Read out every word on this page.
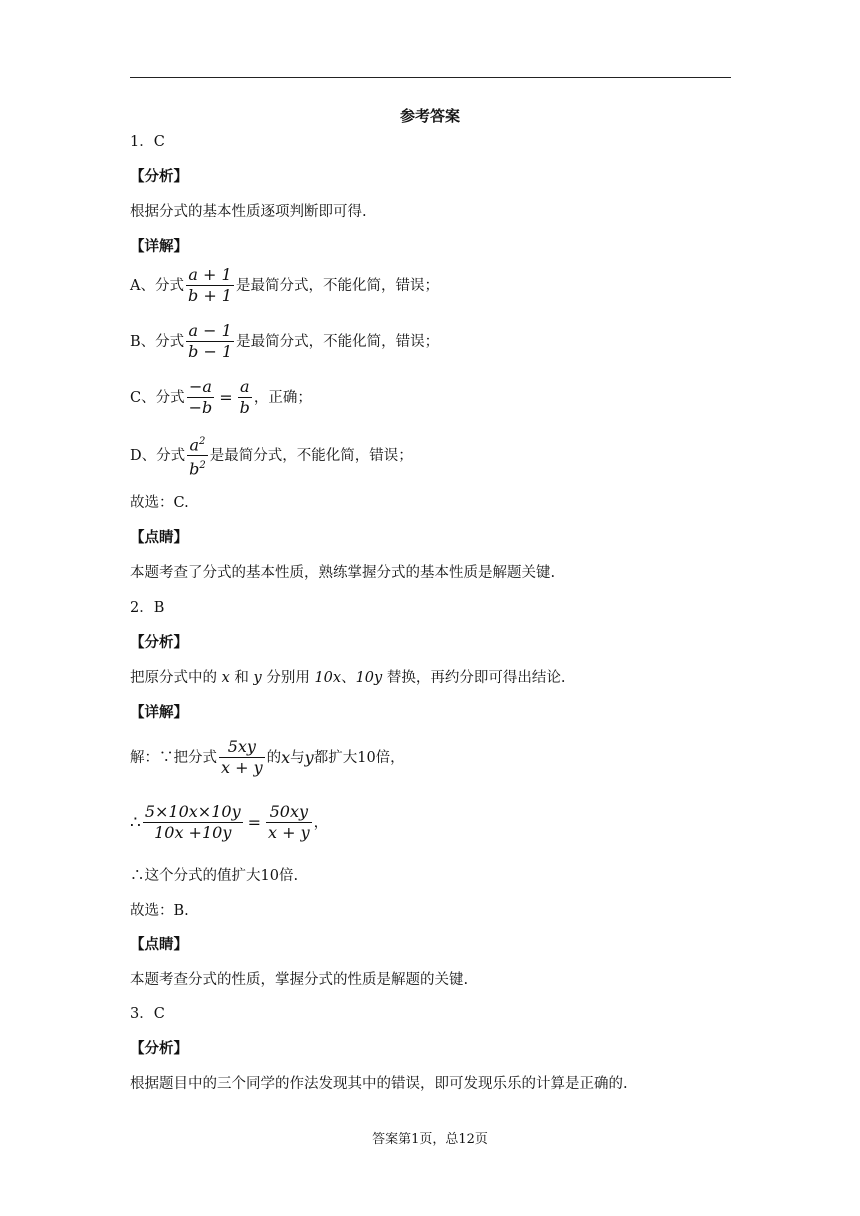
参考答案
1．C
【分析】
根据分式的基本性质逐项判断即可得.
【详解】
A、分式 $\frac{a + 1}{b + 1}$ 是最简分式，不能化简，错误；
B、分式 $\frac{a - 1}{b - 1}$ 是最简分式，不能化简，错误；
C、分式 $\frac{-a}{-b} = \frac{a}{b}$ ，正确；
D、分式 $\frac{a^2}{b^2}$ 是最简分式，不能化简，错误；
故选：C.
【点睛】
本题考查了分式的基本性质，熟练掌握分式的基本性质是解题关键.
2．B
【分析】
把原分式中的 x 和 y 分别用 10x、10y 替换，再约分即可得出结论.
【详解】
解：∵把分式 $\frac{5xy}{x + y}$ 的 x 与 y 都扩大10倍，
∴ $\frac{5\times 10x\times 10y}{10x +10y} = \frac{50xy}{x + y}$ ，
∴这个分式的值扩大10倍.
故选：B.
【点睛】
本题考查分式的性质，掌握分式的性质是解题的关键.
3．C
【分析】
根据题目中的三个同学的作法发现其中的错误，即可发现乐乐的计算是正确的.
答案第1页，总12页
